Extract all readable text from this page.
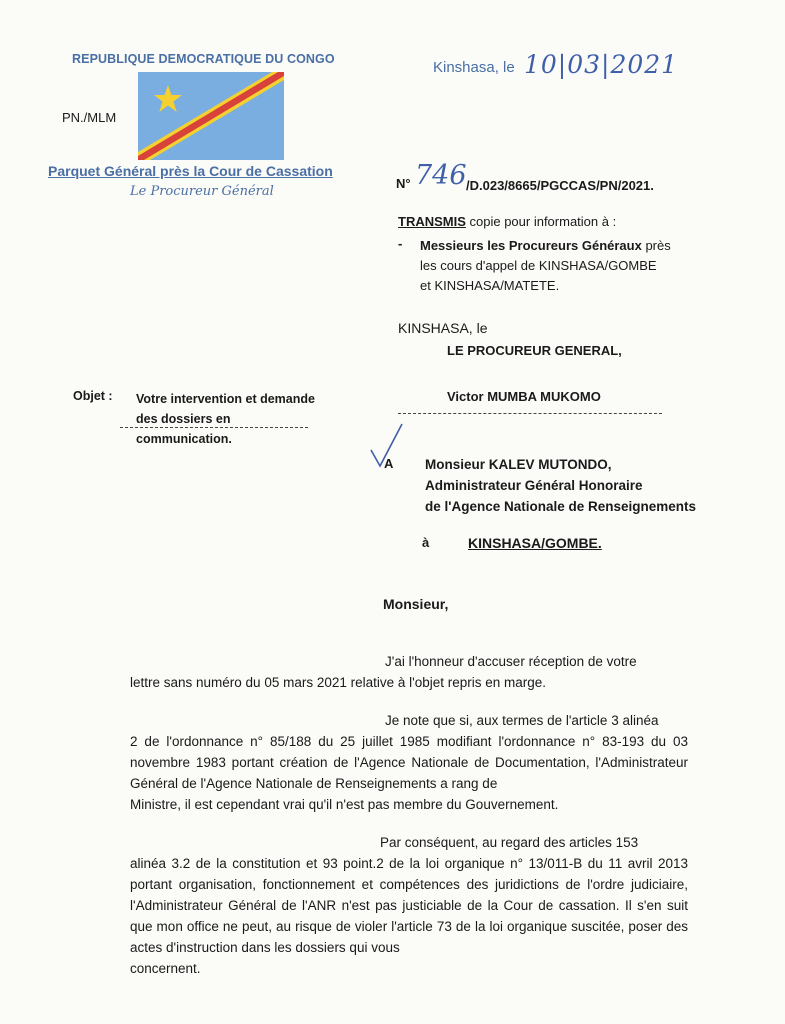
REPUBLIQUE DEMOCRATIQUE DU CONGO
PN./MLM
Parquet Général près la Cour de Cassation
Le Procureur Général
Kinshasa, le 10|03|2021
N° 746 /D.023/8665/PGCCAS/PN/2021.
TRANSMIS copie pour information à :
- Messieurs les Procureurs Généraux près
les cours d'appel de KINSHASA/GOMBE
et KINSHASA/MATETE.
KINSHASA, le
LE PROCUREUR GENERAL,
Objet : Votre intervention et demande
des dossiers en communication.
Victor MUMBA MUKOMO
A Monsieur KALEV MUTONDO,
Administrateur Général Honoraire
de l'Agence Nationale de Renseignements
à	KINSHASA/GOMBE.
Monsieur,
J'ai l'honneur d'accuser réception de votre
lettre sans numéro du 05 mars 2021 relative à l'objet repris en marge.
Je note que si, aux termes de l'article 3 alinéa
2 de l'ordonnance n° 85/188 du 25 juillet 1985 modifiant l'ordonnance n° 83-193 du 03 novembre 1983 portant création de l'Agence Nationale de Documentation, l'Administrateur Général de l'Agence Nationale de Renseignements a rang de
Ministre, il est cependant vrai qu'il n'est pas membre du Gouvernement.
Par conséquent, au regard des articles 153
alinéa 3.2 de la constitution et 93 point.2 de la loi organique n° 13/011-B du 11 avril 2013 portant organisation, fonctionnement et compétences des juridictions de l'ordre judiciaire, l'Administrateur Général de l'ANR n'est pas justiciable de la Cour de cassation. Il s'en suit que mon office ne peut, au risque de violer l'article 73 de la loi organique suscitée, poser des actes d'instruction dans les dossiers qui vous
concernent.
